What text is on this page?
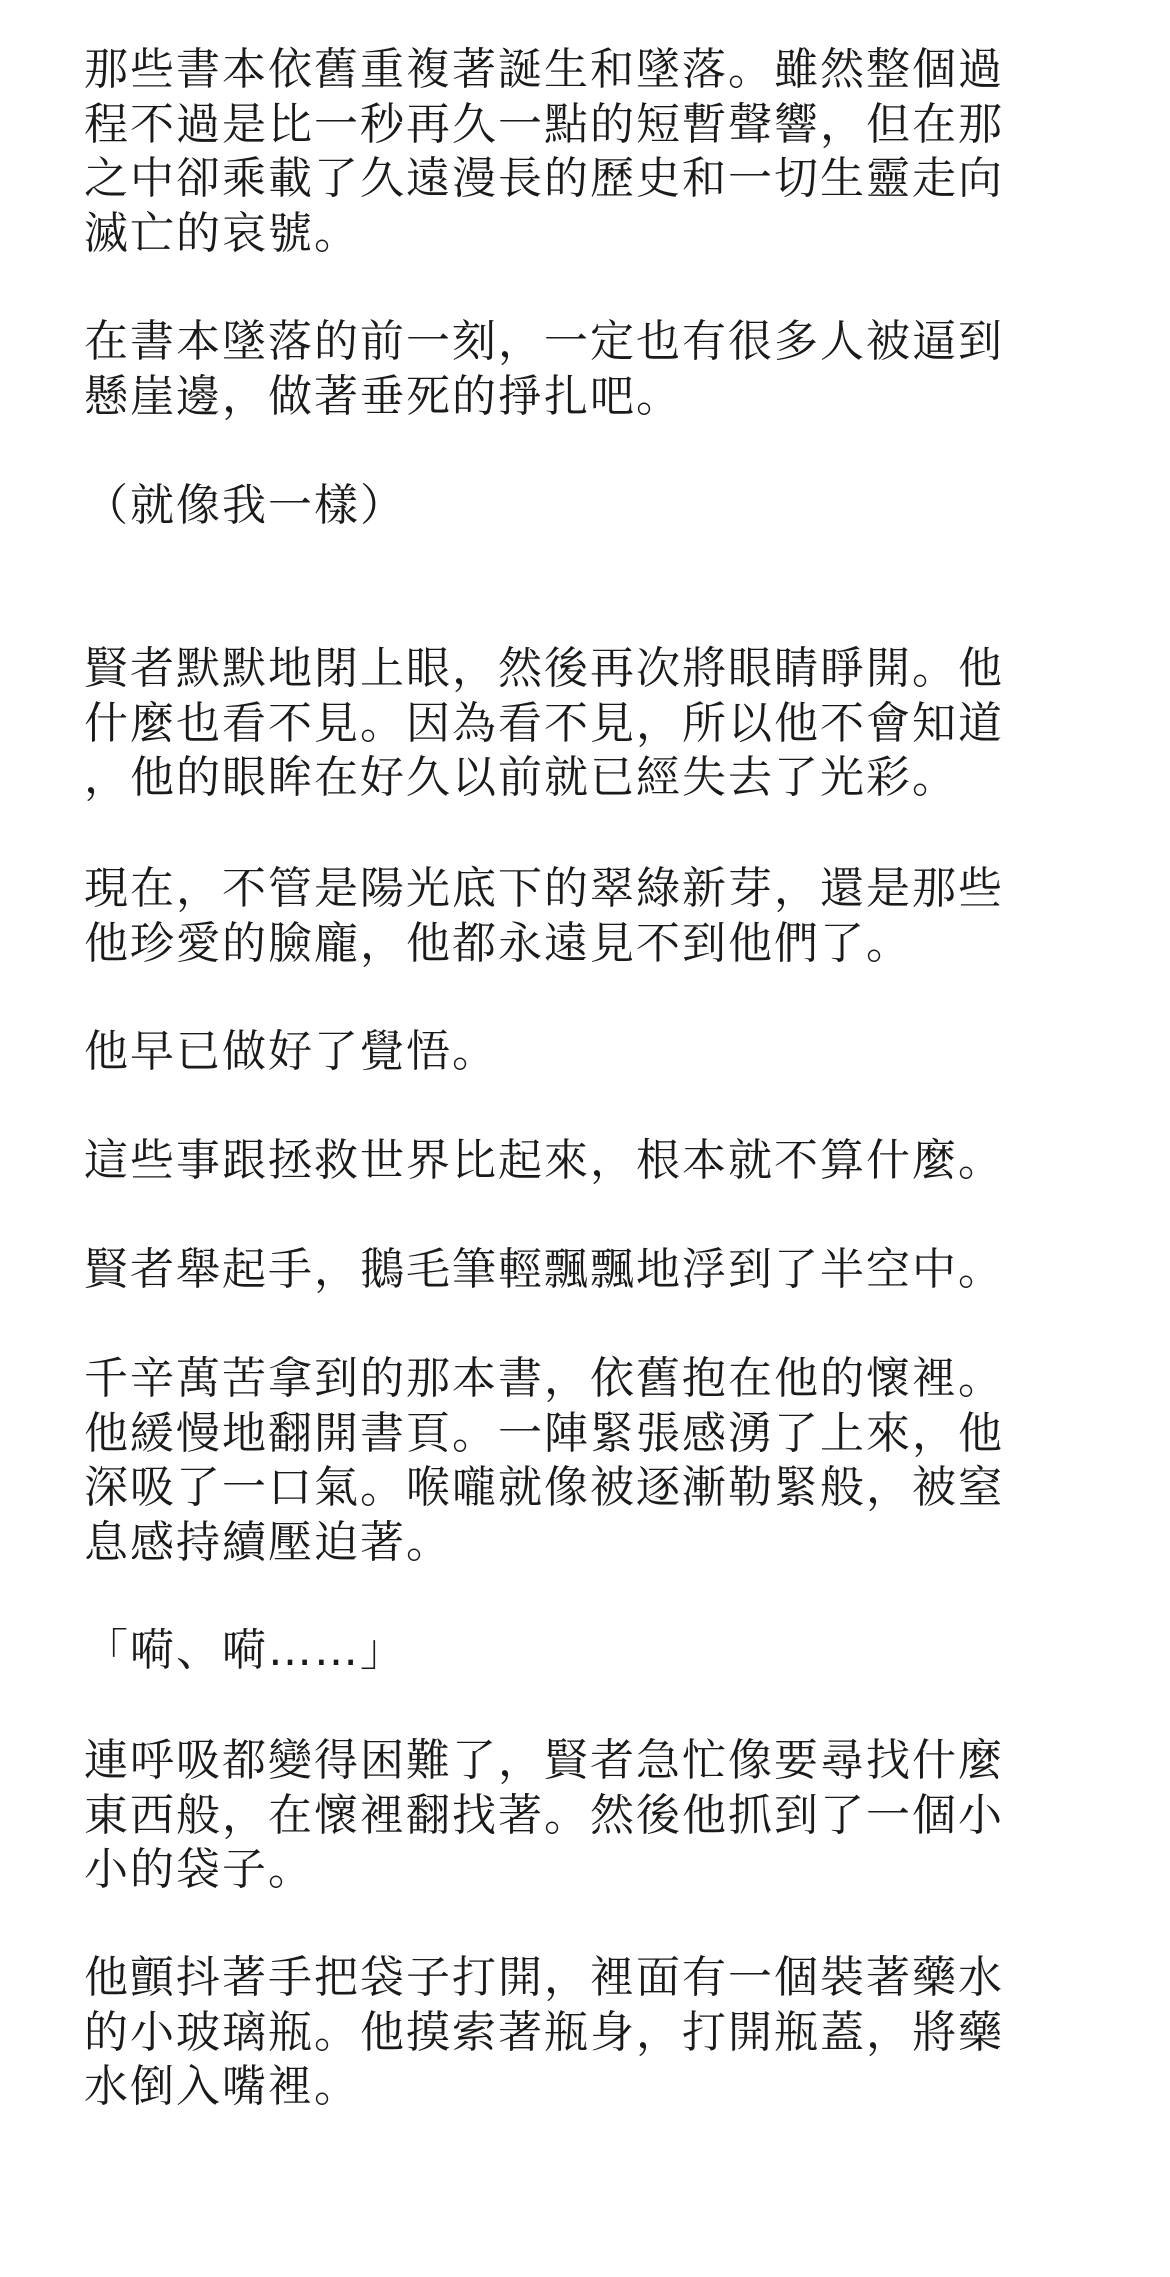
那些書本依舊重複著誕生和墜落。雖然整個過
程不過是比一秒再久一點的短暫聲響，但在那
之中卻乘載了久遠漫長的歷史和一切生靈走向
滅亡的哀號。

在書本墜落的前一刻，一定也有很多人被逼到
懸崖邊，做著垂死的掙扎吧。

（就像我一樣）

賢者默默地閉上眼，然後再次將眼睛睜開。他
什麼也看不見。因為看不見，所以他不會知道
，他的眼眸在好久以前就已經失去了光彩。

現在，不管是陽光底下的翠綠新芽，還是那些
他珍愛的臉龐，他都永遠見不到他們了。

他早已做好了覺悟。

這些事跟拯救世界比起來，根本就不算什麼。

賢者舉起手，鵝毛筆輕飄飄地浮到了半空中。

千辛萬苦拿到的那本書，依舊抱在他的懷裡。
他緩慢地翻開書頁。一陣緊張感湧了上來，他
深吸了一口氣。喉嚨就像被逐漸勒緊般，被窒
息感持續壓迫著。

「嗬、嗬……」

連呼吸都變得困難了，賢者急忙像要尋找什麼
東西般，在懷裡翻找著。然後他抓到了一個小
小的袋子。

他顫抖著手把袋子打開，裡面有一個裝著藥水
的小玻璃瓶。他摸索著瓶身，打開瓶蓋，將藥
水倒入嘴裡。
